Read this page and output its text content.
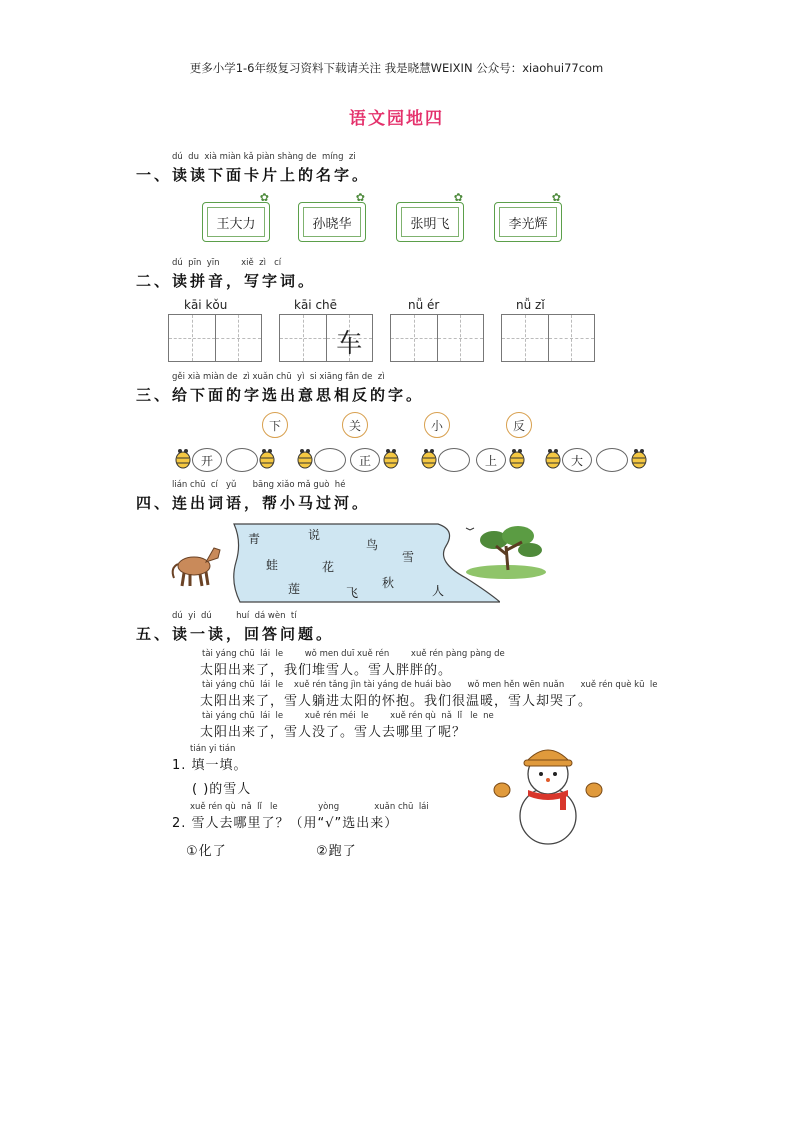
更多小学1-6年级复习资料下载请关注 我是晓慧WEIXIN 公众号：xiaohui77com
语文园地四
dú  du  xià miàn kǎ piàn shàng de  míng  zi
一、读读下面卡片上的名字。
✿
王大力
✿
孙晓华
✿
张明飞
✿
李光辉
dú  pīn  yīn        xiě  zì   cí
二、读拼音，写字词。
kāi kǒu	kāi chē	nǚ ér	nǚ zǐ
车
gěi xià miàn de  zì xuǎn chū  yì  si xiāng fǎn de  zì
三、给下面的字选出意思相反的字。
下	关	小	反
开	正	上	大
lián chū  cí   yǔ      bāng xiǎo mǎ guò  hé
四、连出词语，帮小马过河。
青	说
鸟
雪
蛙	花
莲	飞
秋
人
dú  yi  dú         huí  dá wèn  tí
五、读一读，回答问题。
tài yáng chū  lái  le        wǒ men duī xuě rén        xuě rén pàng pàng de
太阳出来了，我们堆雪人。雪人胖胖的。
tài yáng chū  lái  le    xuě rén tǎng jìn tài yáng de huái bào      wǒ men hěn wēn nuǎn      xuě rén què kū  le
太阳出来了，雪人躺进太阳的怀抱。我们很温暖，雪人却哭了。
tài yáng chū  lái  le        xuě rén méi  le        xuě rén qù  nǎ  lǐ   le  ne
太阳出来了，雪人没了。雪人去哪里了呢？
tián yi tián
1. 填一填。
( )的雪人
xuě rén qù  nǎ  lǐ   le               yòng             xuǎn chū  lái
2. 雪人去哪里了？（用“√”选出来）
①化了	②跑了
